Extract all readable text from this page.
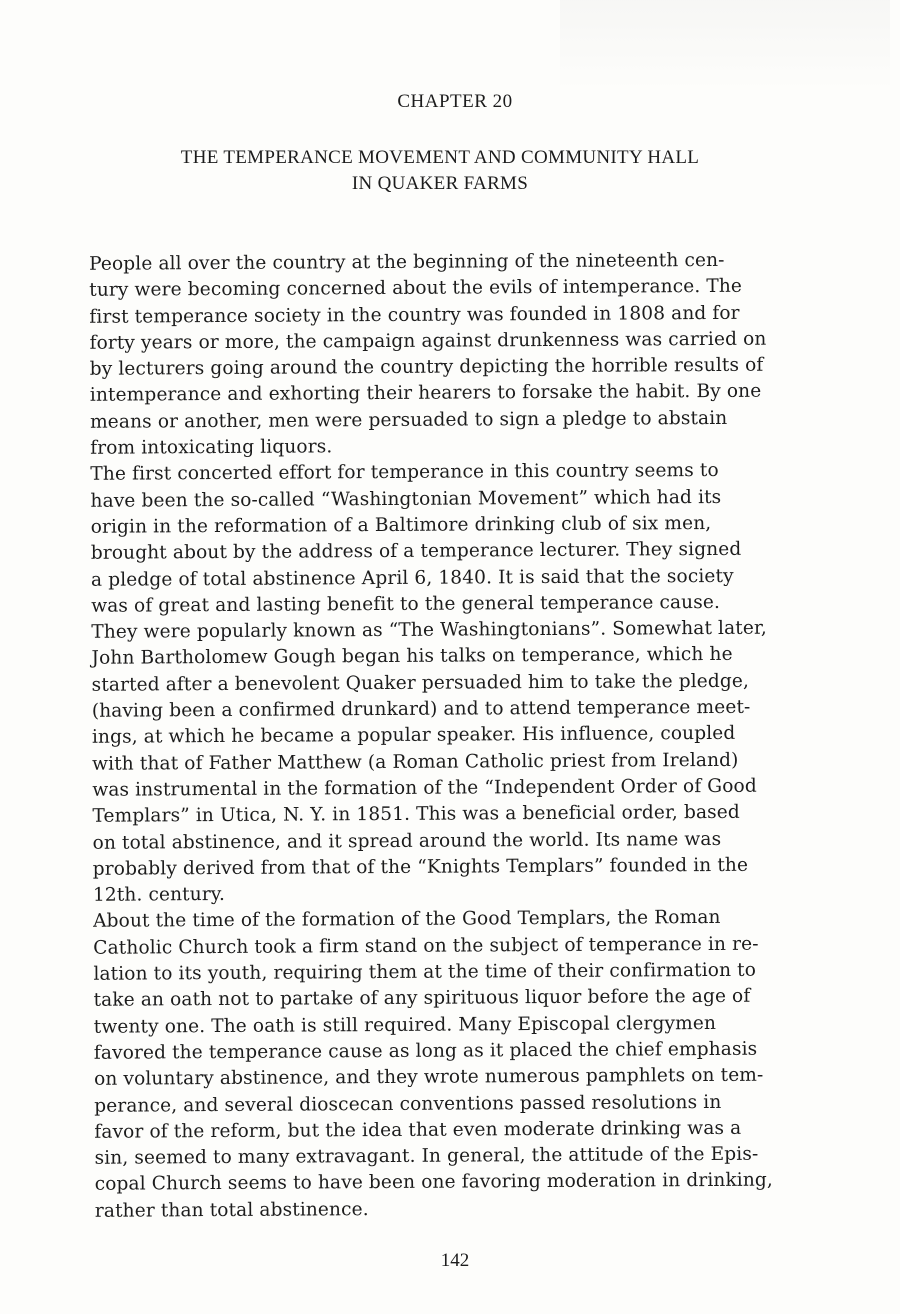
CHAPTER 20
THE TEMPERANCE MOVEMENT AND COMMUNITY HALL
IN QUAKER FARMS

People all over the country at the beginning of the nineteenth cen-
tury were becoming concerned about the evils of intemperance. The
first temperance society in the country was founded in 1808 and for
forty years or more, the campaign against drunkenness was carried on
by lecturers going around the country depicting the horrible results of
intemperance and exhorting their hearers to forsake the habit. By one
means or another, men were persuaded to sign a pledge to abstain
from intoxicating liquors.

The first concerted effort for temperance in this country seems to
have been the so-called “Washingtonian Movement” which had its
origin in the reformation of a Baltimore drinking club of six men,
brought about by the address of a temperance lecturer. They signed
a pledge of total abstinence April 6, 1840. It is said that the society
was of great and lasting benefit to the general temperance cause.
They were popularly known as “The Washingtonians”. Somewhat later,
John Bartholomew Gough began his talks on temperance, which he
started after a benevolent Quaker persuaded him to take the pledge,
(having been a confirmed drunkard) and to attend temperance meet-
ings, at which he became a popular speaker. His influence, coupled
with that of Father Matthew (a Roman Catholic priest from Ireland)
was instrumental in the formation of the “Independent Order of Good
Templars” in Utica, N. Y. in 1851. This was a beneficial order, based
on total abstinence, and it spread around the world. Its name was
probably derived from that of the “Knights Templars” founded in the
12th. century.

About the time of the formation of the Good Templars, the Roman
Catholic Church took a firm stand on the subject of temperance in re-
lation to its youth, requiring them at the time of their confirmation to
take an oath not to partake of any spirituous liquor before the age of
twenty one. The oath is still required. Many Episcopal clergymen
favored the temperance cause as long as it placed the chief emphasis
on voluntary abstinence, and they wrote numerous pamphlets on tem-
perance, and several dioscecan conventions passed resolutions in
favor of the reform, but the idea that even moderate drinking was a
sin, seemed to many extravagant. In general, the attitude of the Epis-
copal Church seems to have been one favoring moderation in drinking,
rather than total abstinence.

142
